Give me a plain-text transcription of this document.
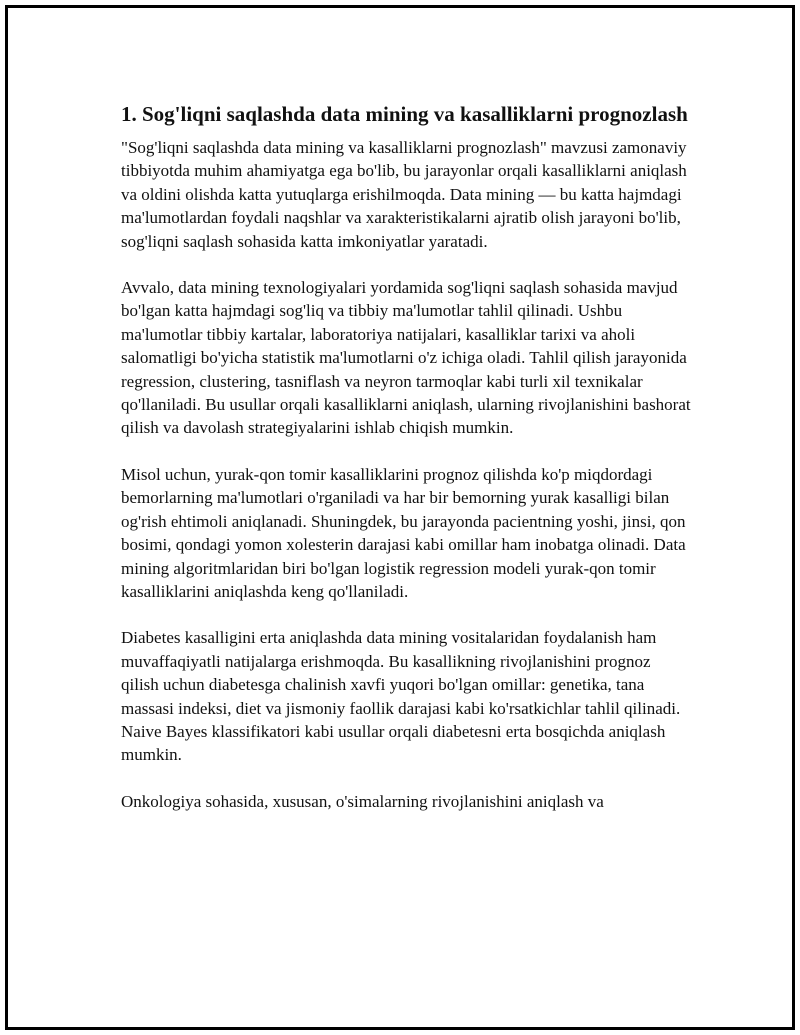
1. Sog'liqni saqlashda data mining va kasalliklarni prognozlash

"Sog'liqni saqlashda data mining va kasalliklarni prognozlash" mavzusi zamonaviy tibbiyotda muhim ahamiyatga ega bo'lib, bu jarayonlar orqali kasalliklarni aniqlash va oldini olishda katta yutuqlarga erishilmoqda. Data mining — bu katta hajmdagi ma'lumotlardan foydali naqshlar va xarakteristikalarni ajratib olish jarayoni bo'lib, sog'liqni saqlash sohasida katta imkoniyatlar yaratadi.

Avvalo, data mining texnologiyalari yordamida sog'liqni saqlash sohasida mavjud bo'lgan katta hajmdagi sog'liq va tibbiy ma'lumotlar tahlil qilinadi. Ushbu ma'lumotlar tibbiy kartalar, laboratoriya natijalari, kasalliklar tarixi va aholi salomatligi bo'yicha statistik ma'lumotlarni o'z ichiga oladi. Tahlil qilish jarayonida regression, clustering, tasniflash va neyron tarmoqlar kabi turli xil texnikalar qo'llaniladi. Bu usullar orqali kasalliklarni aniqlash, ularning rivojlanishini bashorat qilish va davolash strategiyalarini ishlab chiqish mumkin.

Misol uchun, yurak-qon tomir kasalliklarini prognoz qilishda ko'p miqdordagi bemorlarning ma'lumotlari o'rganiladi va har bir bemorning yurak kasalligi bilan og'rish ehtimoli aniqlanadi. Shuningdek, bu jarayonda pacientning yoshi, jinsi, qon bosimi, qondagi yomon xolesterin darajasi kabi omillar ham inobatga olinadi. Data mining algoritmlaridan biri bo'lgan logistik regression modeli yurak-qon tomir kasalliklarini aniqlashda keng qo'llaniladi.

Diabetes kasalligini erta aniqlashda data mining vositalaridan foydalanish ham muvaffaqiyatli natijalarga erishmoqda. Bu kasallikning rivojlanishini prognoz qilish uchun diabetesga chalinish xavfi yuqori bo'lgan omillar: genetika, tana massasi indeksi, diet va jismoniy faollik darajasi kabi ko'rsatkichlar tahlil qilinadi. Naive Bayes klassifikatori kabi usullar orqali diabetesni erta bosqichda aniqlash mumkin.

Onkologiya sohasida, xususan, o'simalarning rivojlanishini aniqlash va
